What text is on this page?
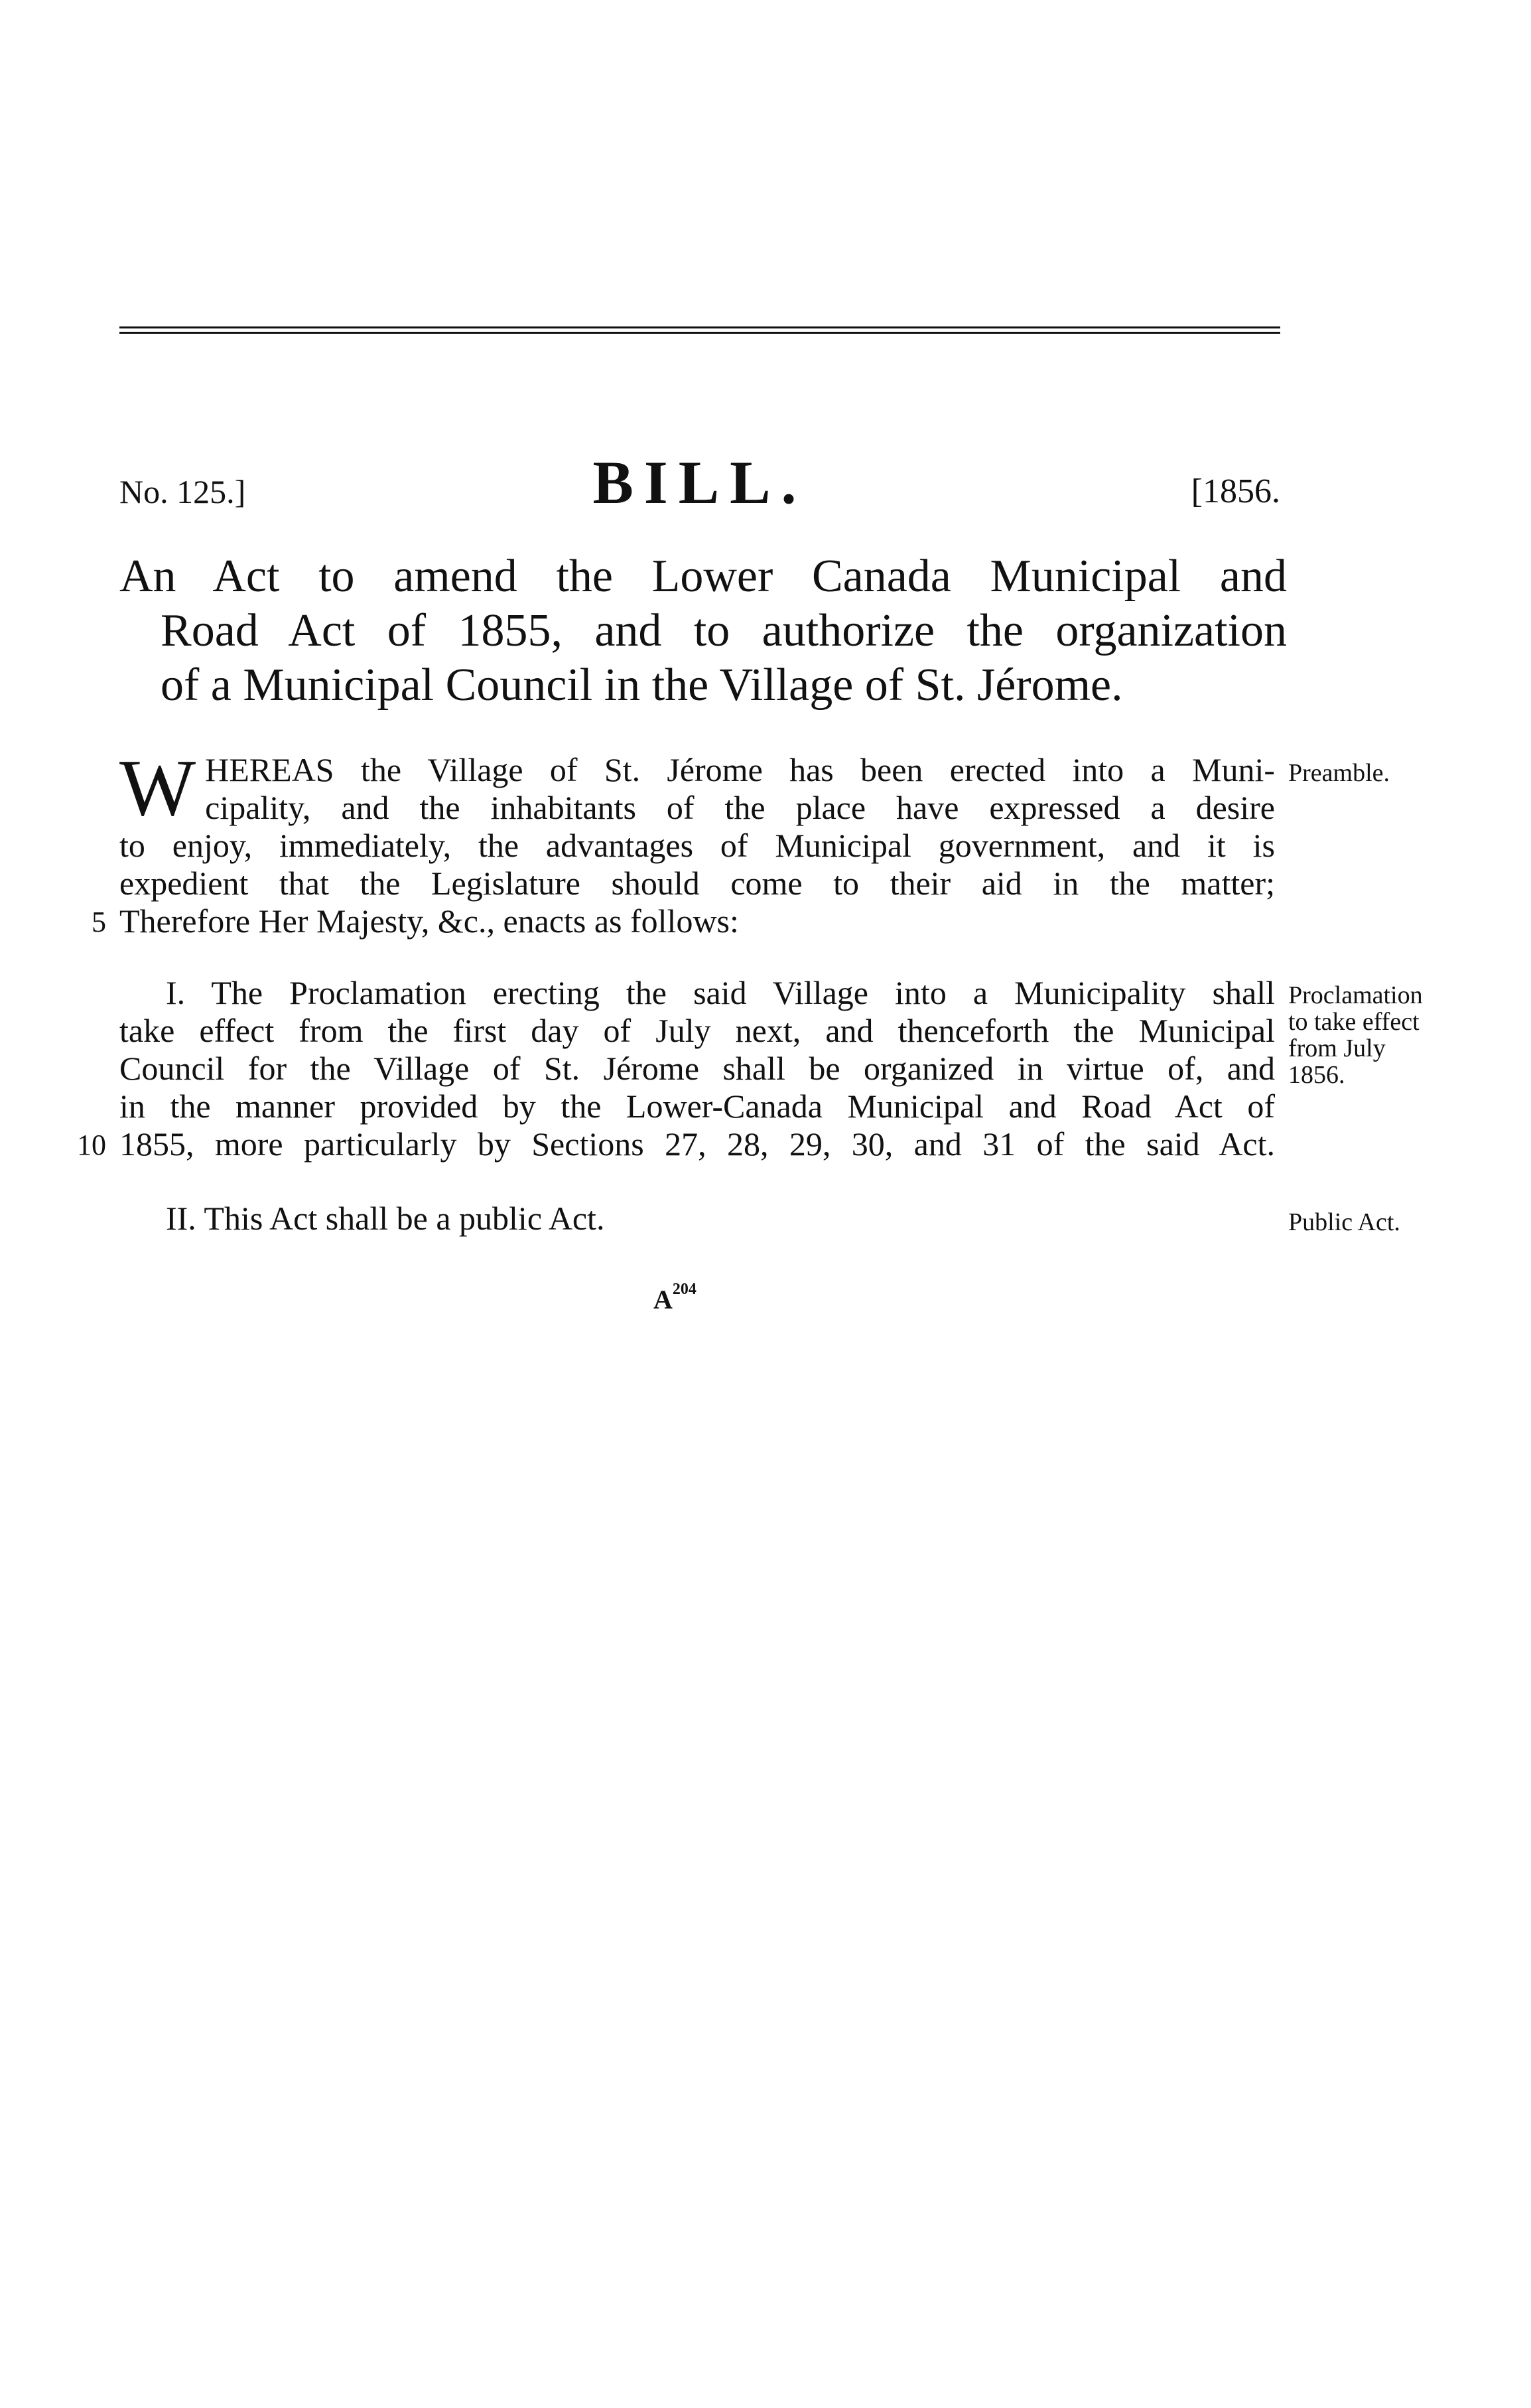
No. 125.]	BILL.	[1856.
An Act to amend the Lower Canada Municipal and
Road Act of 1855, and to authorize the organization
of a Municipal Council in the Village of St. Jérome.
W HEREAS the Village of St. Jérome has been erected into a Muni-
cipality, and the inhabitants of the place have expressed a desire
to enjoy, immediately, the advantages of Municipal government, and it is
expedient that the Legislature should come to their aid in the matter;
Therefore Her Majesty, &c., enacts as follows:
5
Preamble.
I. The Proclamation erecting the said Village into a Municipality shall
take effect from the first day of July next, and thenceforth the Municipal
Council for the Village of St. Jérome shall be organized in virtue of, and
in the manner provided by the Lower-Canada Municipal and Road Act of
1855, more particularly by Sections 27, 28, 29, 30, and 31 of the said Act.
10
Proclamation
to take effect
from July
1856.
II. This Act shall be a public Act.	Public Act.
$A^{204}$
